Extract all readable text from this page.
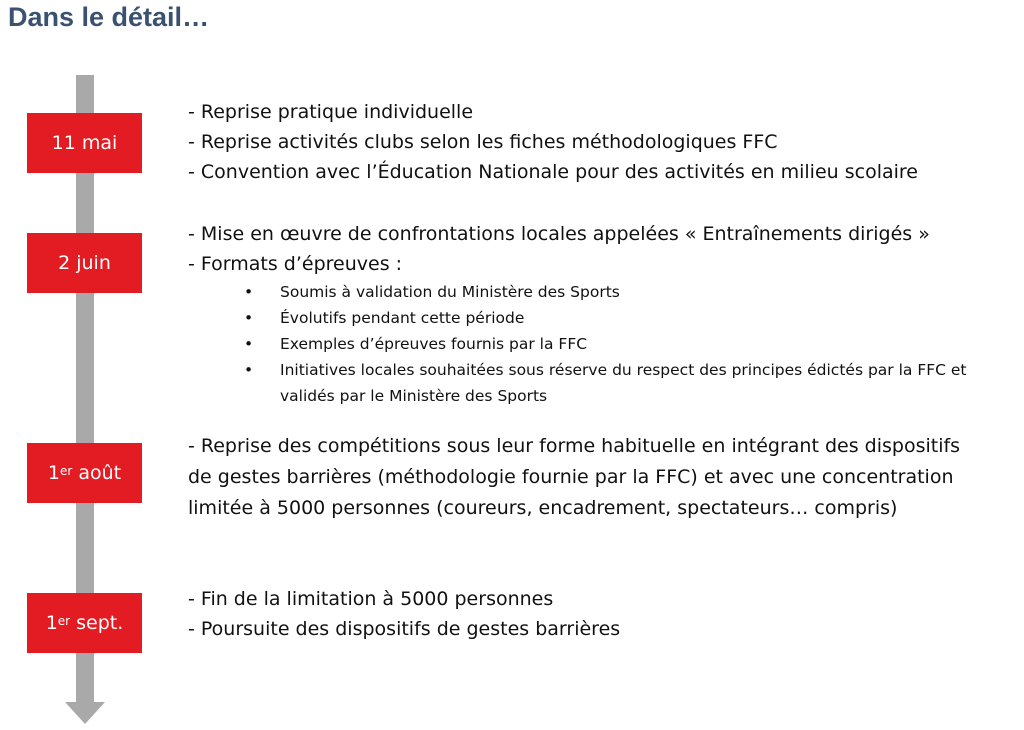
Dans le détail…
11 mai
- Reprise pratique individuelle
- Reprise activités clubs selon les fiches méthodologiques FFC
- Convention avec l’Éducation Nationale pour des activités en milieu scolaire
2 juin
- Mise en œuvre de confrontations locales appelées « Entraînements dirigés »
- Formats d’épreuves :
• Soumis à validation du Ministère des Sports
• Évolutifs pendant cette période
• Exemples d’épreuves fournis par la FFC
• Initiatives locales souhaitées sous réserve du respect des principes édictés par la FFC et validés par le Ministère des Sports
1er août
- Reprise des compétitions sous leur forme habituelle en intégrant des dispositifs de gestes barrières (méthodologie fournie par la FFC) et avec une concentration limitée à 5000 personnes (coureurs, encadrement, spectateurs… compris)
1er sept.
- Fin de la limitation à 5000 personnes
- Poursuite des dispositifs de gestes barrières
